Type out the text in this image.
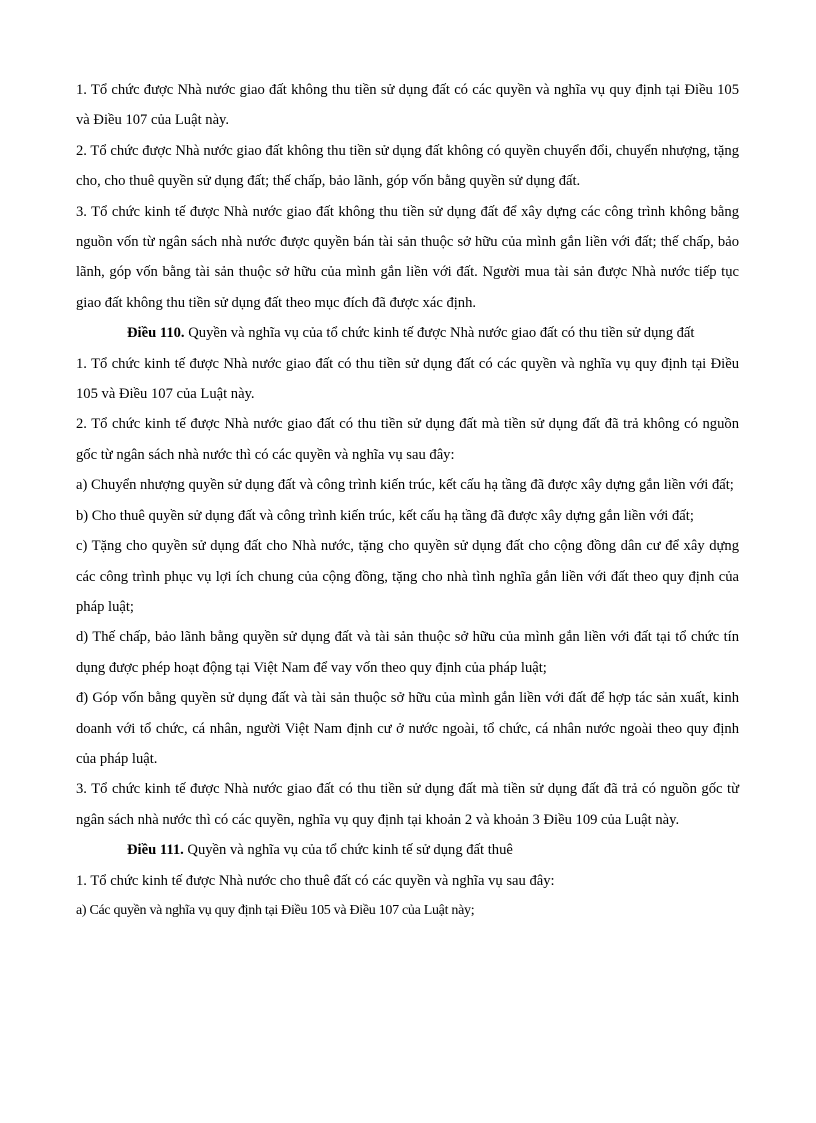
1. Tổ chức được Nhà nước giao đất không thu tiền sử dụng đất có các quyền và nghĩa vụ quy định tại Điều 105 và Điều 107 của Luật này.

2. Tổ chức được Nhà nước giao đất không thu tiền sử dụng đất không có quyền chuyển đổi, chuyển nhượng, tặng cho, cho thuê quyền sử dụng đất; thế chấp, bảo lãnh, góp vốn bằng quyền sử dụng đất.

3. Tổ chức kinh tế được Nhà nước giao đất không thu tiền sử dụng đất để xây dựng các công trình không bằng nguồn vốn từ ngân sách nhà nước được quyền bán tài sản thuộc sở hữu của mình gắn liền với đất; thế chấp, bảo lãnh, góp vốn bằng tài sản thuộc sở hữu của mình gắn liền với đất. Người mua tài sản được Nhà nước tiếp tục giao đất không thu tiền sử dụng đất theo mục đích đã được xác định.

Điều 110. Quyền và nghĩa vụ của tổ chức kinh tế được Nhà nước giao đất có thu tiền sử dụng đất

1. Tổ chức kinh tế được Nhà nước giao đất có thu tiền sử dụng đất có các quyền và nghĩa vụ quy định tại Điều 105 và Điều 107 của Luật này.

2. Tổ chức kinh tế được Nhà nước giao đất có thu tiền sử dụng đất mà tiền sử dụng đất đã trả không có nguồn gốc từ ngân sách nhà nước thì có các quyền và nghĩa vụ sau đây:

a) Chuyển nhượng quyền sử dụng đất và công trình kiến trúc, kết cấu hạ tầng đã được xây dựng gắn liền với đất;

b) Cho thuê quyền sử dụng đất và công trình kiến trúc, kết cấu hạ tầng đã được xây dựng gắn liền với đất;

c) Tặng cho quyền sử dụng đất cho Nhà nước, tặng cho quyền sử dụng đất cho cộng đồng dân cư để xây dựng các công trình phục vụ lợi ích chung của cộng đồng, tặng cho nhà tình nghĩa gắn liền với đất theo quy định của pháp luật;

d) Thế chấp, bảo lãnh bằng quyền sử dụng đất và tài sản thuộc sở hữu của mình gắn liền với đất tại tổ chức tín dụng được phép hoạt động tại Việt Nam để vay vốn theo quy định của pháp luật;

đ) Góp vốn bằng quyền sử dụng đất và tài sản thuộc sở hữu của mình gắn liền với đất để hợp tác sản xuất, kinh doanh với tổ chức, cá nhân, người Việt Nam định cư ở nước ngoài, tổ chức, cá nhân nước ngoài theo quy định của pháp luật.

3. Tổ chức kinh tế được Nhà nước giao đất có thu tiền sử dụng đất mà tiền sử dụng đất đã trả có nguồn gốc từ ngân sách nhà nước thì có các quyền, nghĩa vụ quy định tại khoản 2 và khoản 3 Điều 109 của Luật này.

Điều 111. Quyền và nghĩa vụ của tổ chức kinh tế sử dụng đất thuê

1. Tổ chức kinh tế được Nhà nước cho thuê đất có các quyền và nghĩa vụ sau đây:

a) Các quyền và nghĩa vụ quy định tại Điều 105 và Điều 107 của Luật này;
